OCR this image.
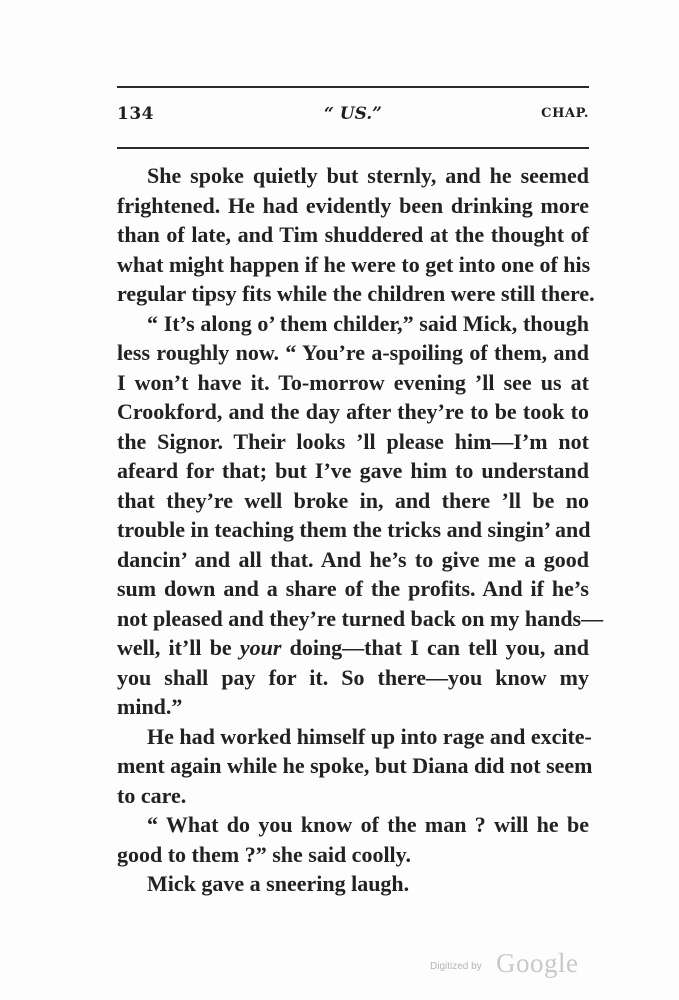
134	“ US.”	CHAP.
She spoke quietly but sternly, and he seemed
frightened. He had evidently been drinking more
than of late, and Tim shuddered at the thought of
what might happen if he were to get into one of his
regular tipsy fits while the children were still there.
“ It’s along o’ them childer,” said Mick, though
less roughly now. “ You’re a-spoiling of them, and
I won’t have it. To-morrow evening ’ll see us at
Crookford, and the day after they’re to be took to
the Signor. Their looks ’ll please him—I’m not
afeard for that; but I’ve gave him to understand
that they’re well broke in, and there ’ll be no
trouble in teaching them the tricks and singin’ and
dancin’ and all that. And he’s to give me a good
sum down and a share of the profits. And if he’s
not pleased and they’re turned back on my hands—
well, it’ll be your doing—that I can tell you, and
you shall pay for it. So there—you know my
mind.”
He had worked himself up into rage and excite-
ment again while he spoke, but Diana did not seem
to care.
“ What do you know of the man ? will he be
good to them ?” she said coolly.
Mick gave a sneering laugh.
Digitized by Google
